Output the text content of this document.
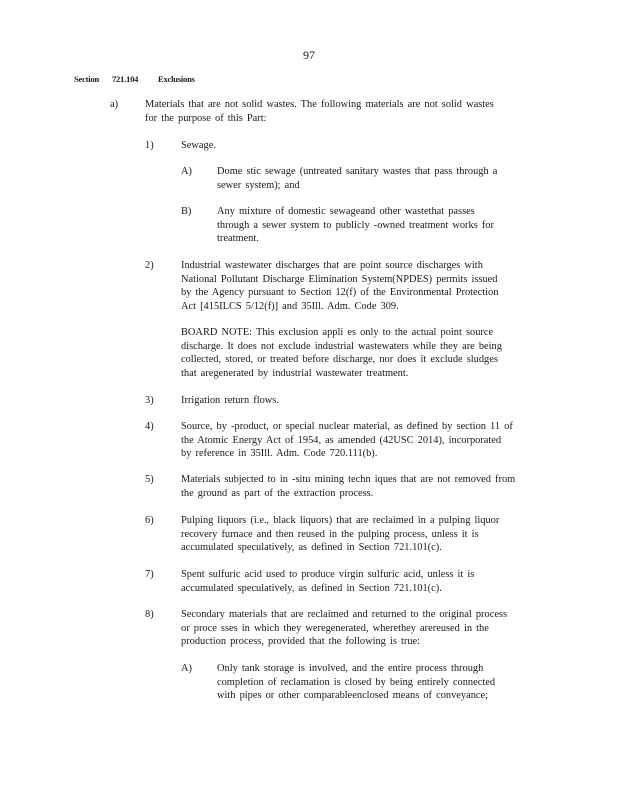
97
Section 721.104 Exclusions
a)	Materials that are not solid wastes. The following materials are not solid wastes
for the purpose of this Part:
1)	Sewage.
A) Dome stic sewage (untreated sanitary wastes that pass through a
sewer system); and
B) Any mixture of domestic sewageand other wastethat passes
through a sewer system to publicly -owned treatment works for
treatment.
2)	Industrial wastewater discharges that are point source discharges with
National Pollutant Discharge Elimination System(NPDES) permits issued
by the Agency pursuant to Section 12(f) of the Environmental Protection
Act [415ILCS 5/12(f)] and 35Ill. Adm. Code 309.
BOARD NOTE: This exclusion appli es only to the actual point source
discharge. It does not exclude industrial wastewaters while they are being
collected, stored, or treated before discharge, nor does it exclude sludges
that aregenerated by industrial wastewater treatment.
3)	Irrigation return flows.
4)	Source, by -product, or special nuclear material, as defined by section 11 of
the Atomic Energy Act of 1954, as amended (42USC 2014), incorporated
by reference in 35Ill. Adm. Code 720.111(b).
5)	Materials subjected to in -situ mining techn iques that are not removed from
the ground as part of the extraction process.
6)	Pulping liquors (i.e., black liquors) that are reclaimed in a pulping liquor
recovery furnace and then reused in the pulping process, unless it is
accumulated speculatively, as defined in Section 721.101(c).
7)	Spent sulfuric acid used to produce virgin sulfuric acid, unless it is
accumulated speculatively, as defined in Section 721.101(c).
8)	Secondary materials that are reclaimed and returned to the original process
or proce sses in which they weregenerated, wherethey arereused in the
production process, provided that the following is true:
A) Only tank storage is involved, and the entire process through
completion of reclamation is closed by being entirely connected
with pipes or other comparableenclosed means of conveyance;
